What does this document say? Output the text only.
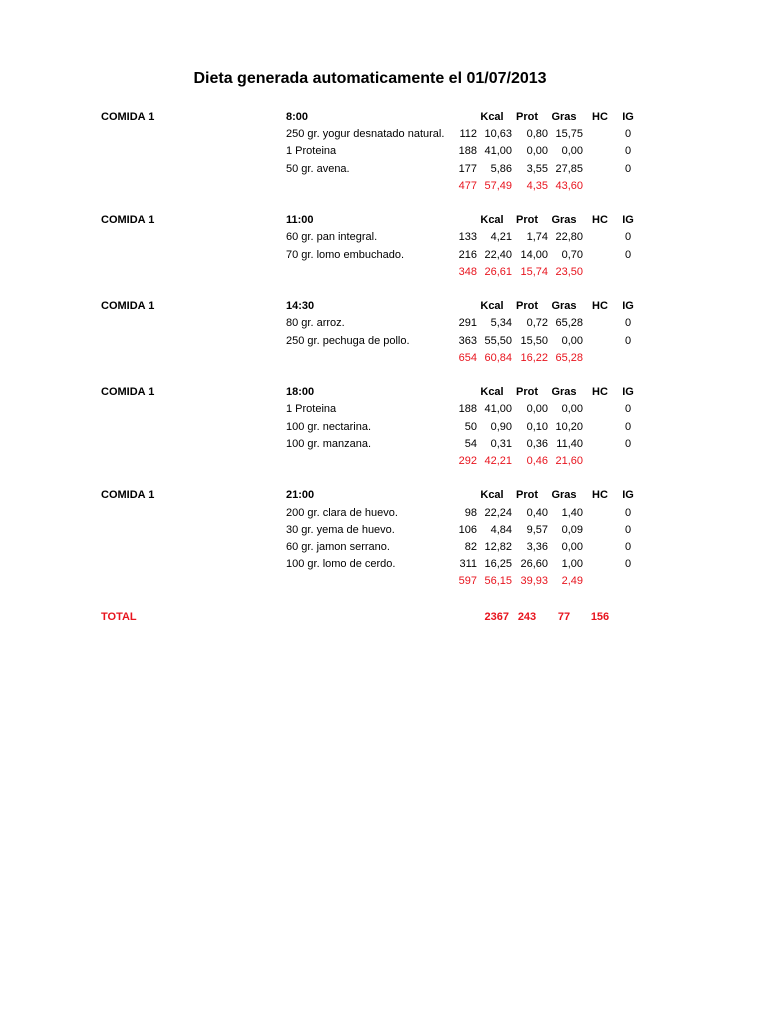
Dieta generada automaticamente el 01/07/2013
COMIDA 1	8:00	Kcal	Prot	Gras	HC	IG
250 gr. yogur desnatado natural. 112 10,63 0,80 15,75	0
1 Proteina	188 41,00 0,00 0,00	0
50 gr. avena.	177 5,86 3,55 27,85	0
477 57,49 4,35 43,60
COMIDA 1	11:00	Kcal	Prot	Gras	HC	IG
60 gr. pan integral.	133 4,21 1,74 22,80	0
70 gr. lomo embuchado.	216 22,40 14,00 0,70	0
348 26,61 15,74 23,50
COMIDA 1	14:30	Kcal	Prot	Gras	HC	IG
80 gr. arroz.	291 5,34 0,72 65,28	0
250 gr. pechuga de pollo.	363 55,50 15,50 0,00	0
654 60,84 16,22 65,28
COMIDA 1	18:00	Kcal	Prot	Gras	HC	IG
1 Proteina	188 41,00 0,00 0,00	0
100 gr. nectarina.	50 0,90 0,10 10,20	0
100 gr. manzana.	54 0,31 0,36 11,40	0
292 42,21 0,46 21,60
COMIDA 1	21:00	Kcal	Prot	Gras	HC	IG
200 gr. clara de huevo.	98 22,24 0,40 1,40	0
30 gr. yema de huevo.	106 4,84 9,57 0,09	0
60 gr. jamon serrano.	82 12,82 3,36 0,00	0
100 gr. lomo de cerdo.	311 16,25 26,60 1,00	0
597 56,15 39,93 2,49
TOTAL	2367 243	77	156
